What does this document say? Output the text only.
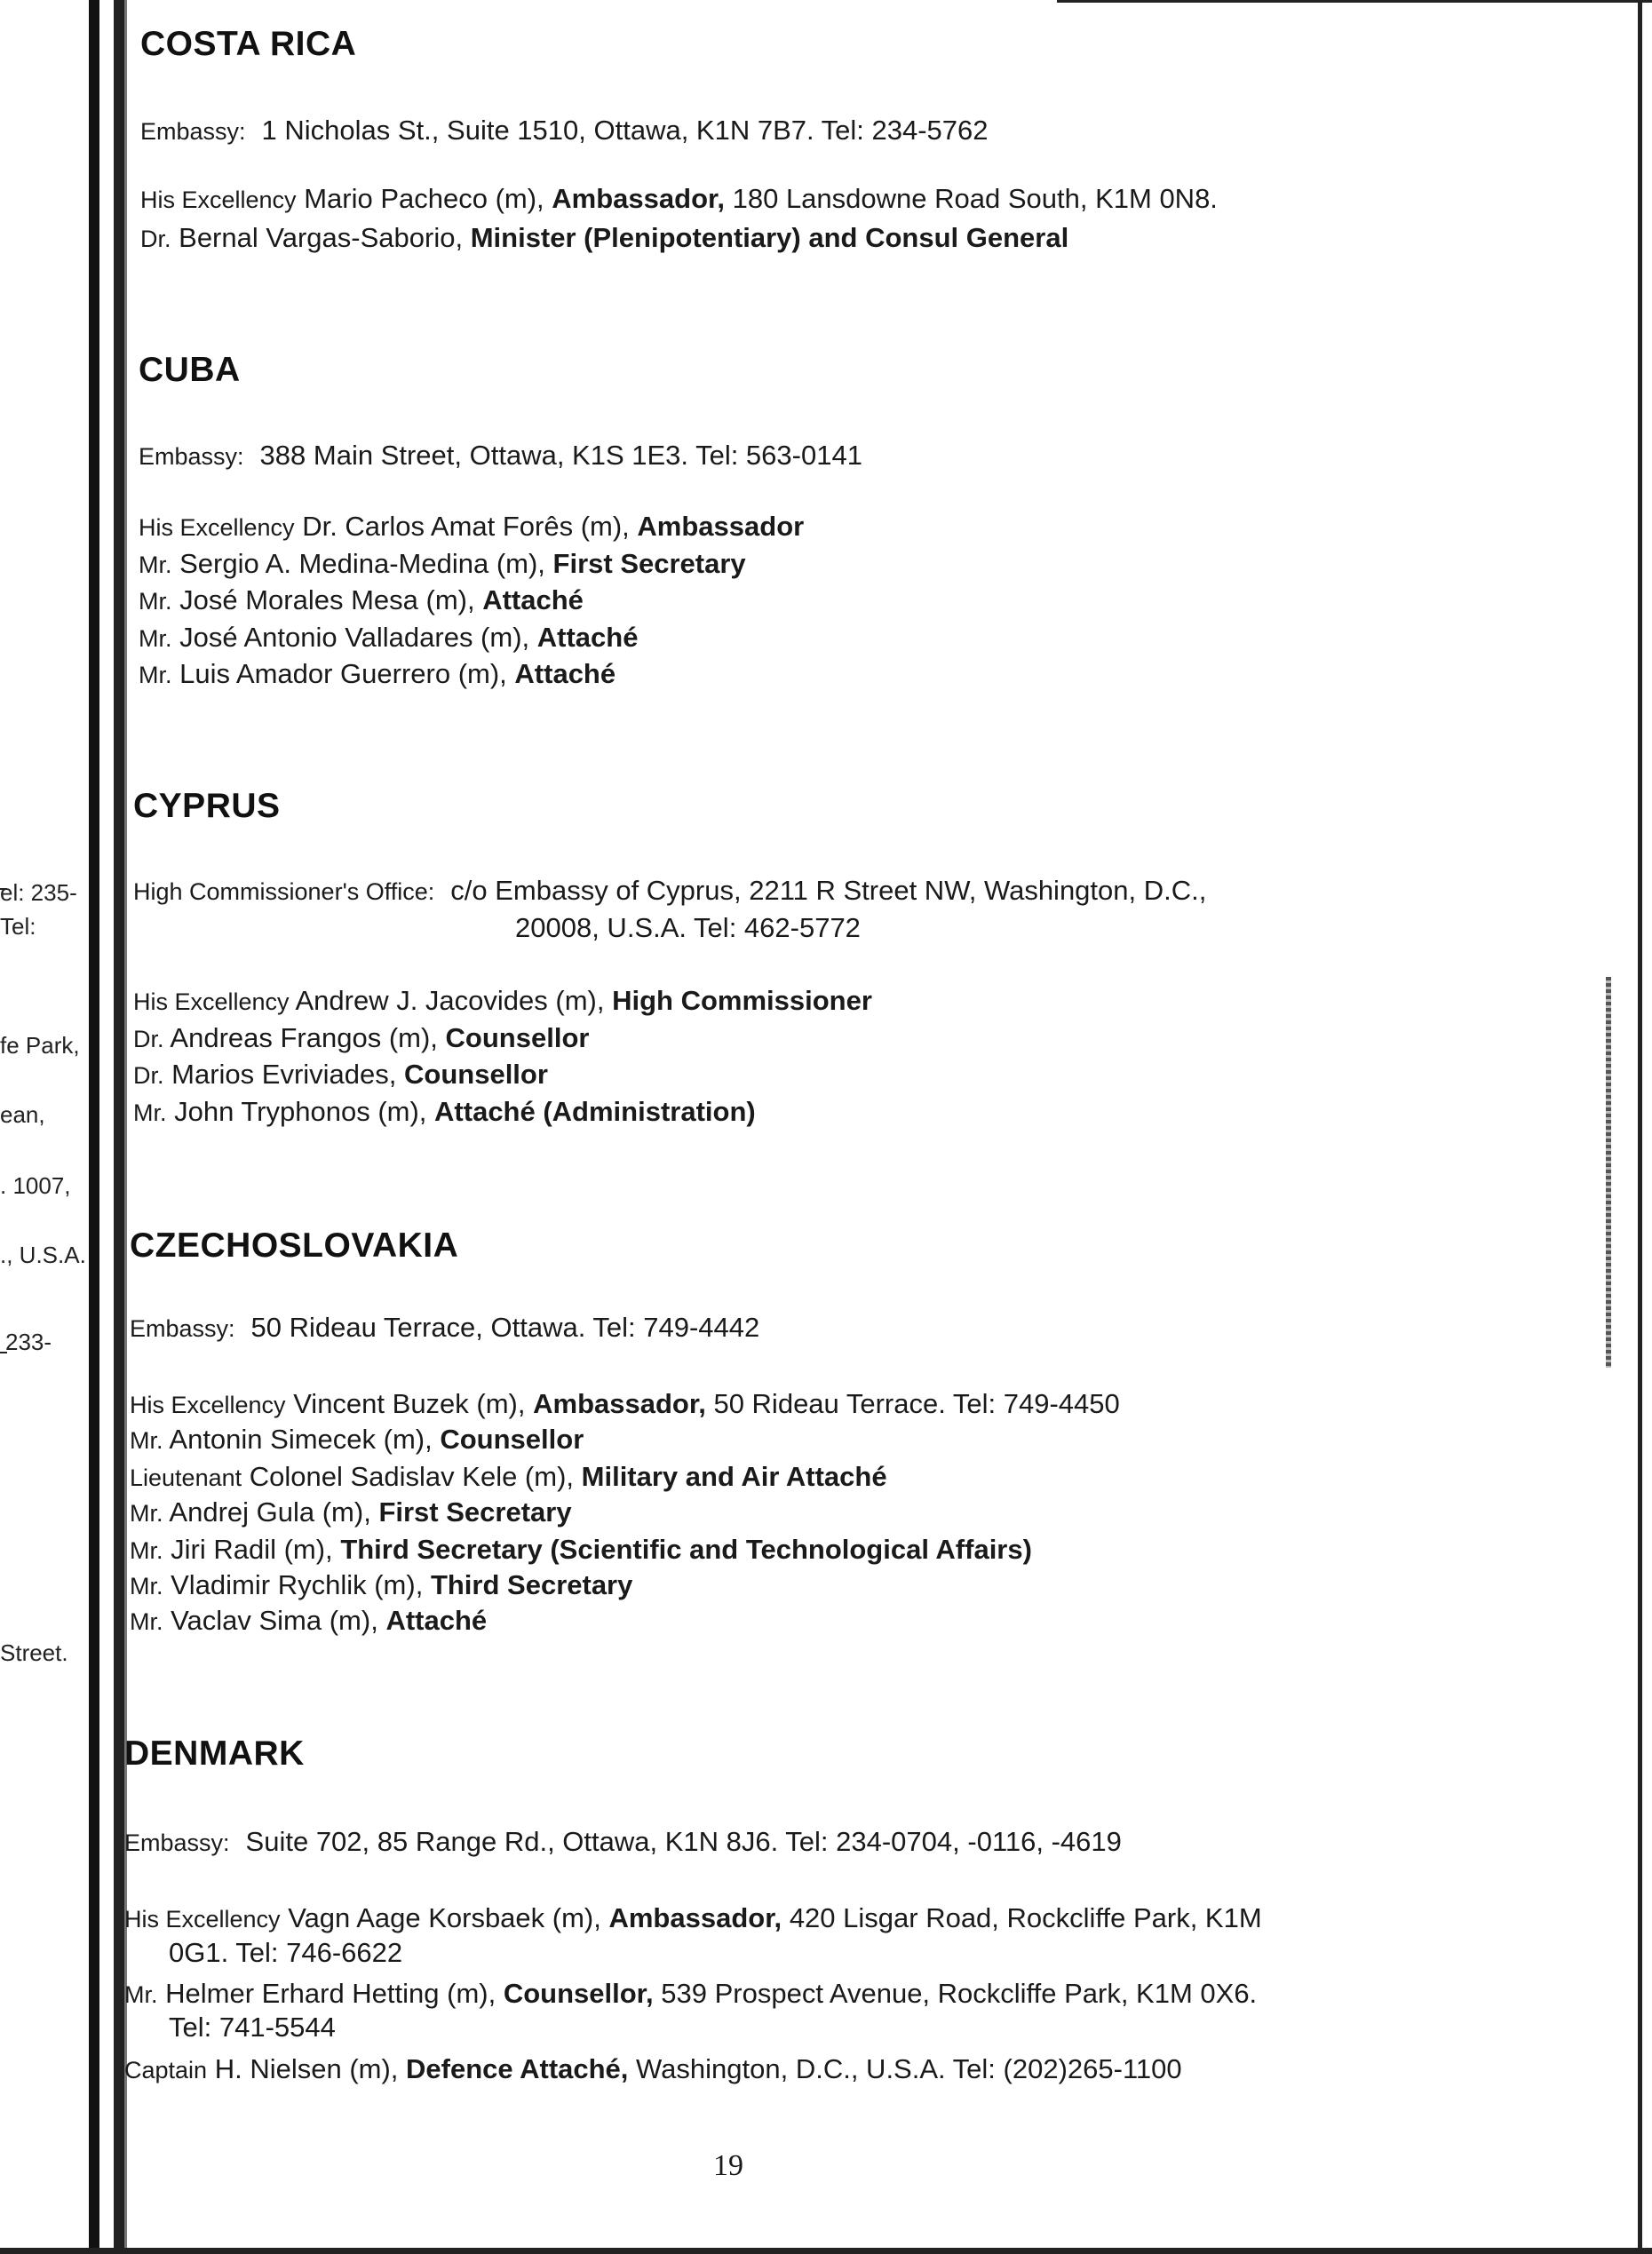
el: 235-
Tel:
fe Park,
ean,
. 1007,
., U.S.A.
233-
Street.
COSTA RICA

Embassy: 1 Nicholas St., Suite 1510, Ottawa, K1N 7B7. Tel: 234-5762

His Excellency Mario Pacheco (m), Ambassador, 180 Lansdowne Road South, K1M 0N8.

Dr. Bernal Vargas-Saborio, Minister (Plenipotentiary) and Consul General

CUBA

Embassy: 388 Main Street, Ottawa, K1S 1E3. Tel: 563-0141

His Excellency Dr. Carlos Amat Forês (m), Ambassador

Mr. Sergio A. Medina-Medina (m), First Secretary

Mr. José Morales Mesa (m), Attaché

Mr. José Antonio Valladares (m), Attaché

Mr. Luis Amador Guerrero (m), Attaché

CYPRUS

High Commissioner's Office: c/o Embassy of Cyprus, 2211 R Street NW, Washington, D.C.,

20008, U.S.A. Tel: 462-5772

His Excellency Andrew J. Jacovides (m), High Commissioner

Dr. Andreas Frangos (m), Counsellor

Dr. Marios Evriviades, Counsellor

Mr. John Tryphonos (m), Attaché (Administration)

CZECHOSLOVAKIA

Embassy: 50 Rideau Terrace, Ottawa. Tel: 749-4442

His Excellency Vincent Buzek (m), Ambassador, 50 Rideau Terrace. Tel: 749-4450

Mr. Antonin Simecek (m), Counsellor

Lieutenant Colonel Sadislav Kele (m), Military and Air Attaché

Mr. Andrej Gula (m), First Secretary

Mr. Jiri Radil (m), Third Secretary (Scientific and Technological Affairs)

Mr. Vladimir Rychlik (m), Third Secretary

Mr. Vaclav Sima (m), Attaché

DENMARK

Embassy: Suite 702, 85 Range Rd., Ottawa, K1N 8J6. Tel: 234-0704, -0116, -4619

His Excellency Vagn Aage Korsbaek (m), Ambassador, 420 Lisgar Road, Rockcliffe Park, K1M

0G1. Tel: 746-6622

Mr. Helmer Erhard Hetting (m), Counsellor, 539 Prospect Avenue, Rockcliffe Park, K1M 0X6.

Tel: 741-5544

Captain H. Nielsen (m), Defence Attaché, Washington, D.C., U.S.A. Tel: (202)265-1100

19
